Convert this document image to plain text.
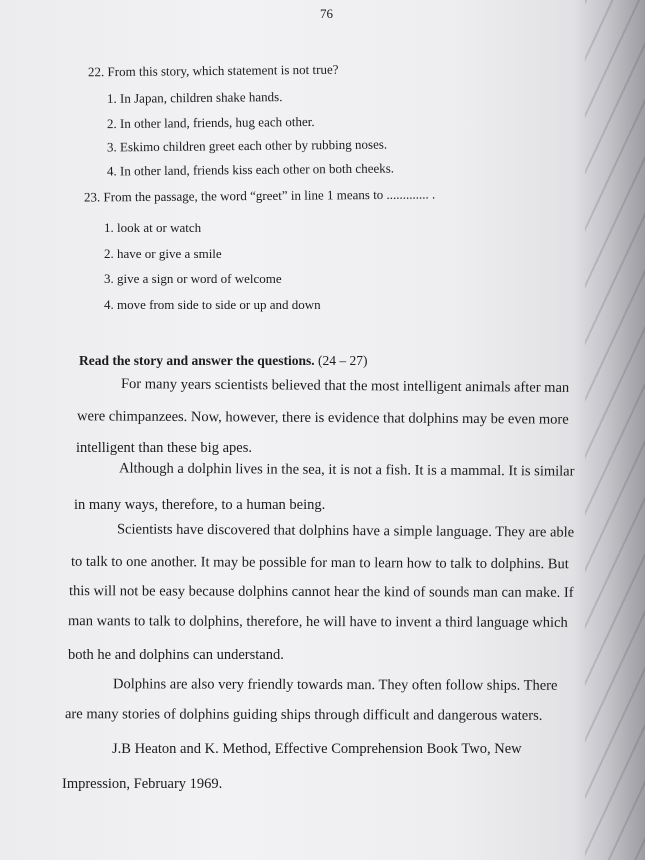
76
22. From this story, which statement is not true?
1. In Japan, children shake hands.
2. In other land, friends, hug each other.
3. Eskimo children greet each other by rubbing noses.
4. In other land, friends kiss each other on both cheeks.
23. From the passage, the word “greet” in line 1 means to ............. .
1. look at or watch
2. have or give a smile
3. give a sign or word of welcome
4. move from side to side or up and down
Read the story and answer the questions. (24 – 27)
For many years scientists believed that the most intelligent animals after man
were chimpanzees. Now, however, there is evidence that dolphins may be even more
intelligent than these big apes.
Although a dolphin lives in the sea, it is not a fish. It is a mammal. It is similar
in many ways, therefore, to a human being.
Scientists have discovered that dolphins have a simple language. They are able
to talk to one another. It may be possible for man to learn how to talk to dolphins. But
this will not be easy because dolphins cannot hear the kind of sounds man can make. If
man wants to talk to dolphins, therefore, he will have to invent a third language which
both he and dolphins can understand.
Dolphins are also very friendly towards man. They often follow ships. There
are many stories of dolphins guiding ships through difficult and dangerous waters.
J.B Heaton and K. Method, Effective Comprehension Book Two, New
Impression, February 1969.
